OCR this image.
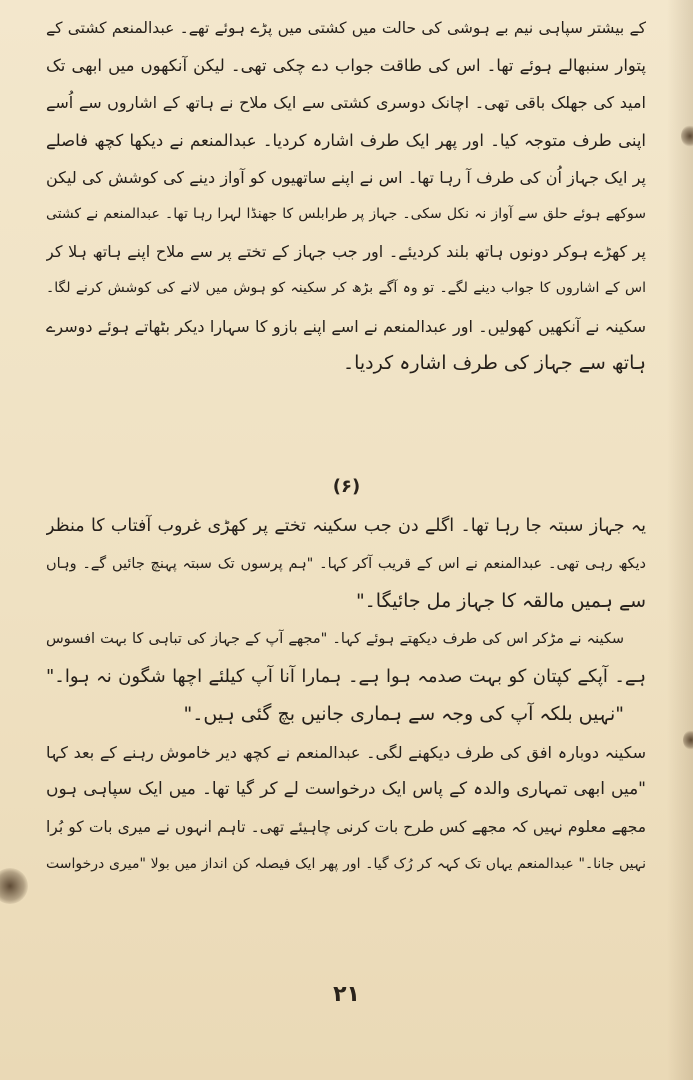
کے بیشتر سپاہی نیم بے ہوشی کی حالت میں کشتی میں پڑے ہوئے تھے۔ عبدالمنعم کشتی کے
پتوار سنبھالے ہوئے تھا۔ اس کی طاقت جواب دے چکی تھی۔ لیکن آنکھوں میں ابھی تک
امید کی جھلک باقی تھی۔ اچانک دوسری کشتی سے ایک ملاح نے ہاتھ کے اشاروں سے اُسے
اپنی طرف متوجہ کیا۔ اور پھر ایک طرف اشارہ کردیا۔ عبدالمنعم نے دیکھا کچھ فاصلے
پر ایک جہاز اُن کی طرف آ رہا تھا۔ اس نے اپنے ساتھیوں کو آواز دینے کی کوشش کی لیکن
سوکھے ہوئے حلق سے آواز نہ نکل سکی۔ جہاز پر طرابلس کا جھنڈا لہرا رہا تھا۔ عبدالمنعم نے کشتی
پر کھڑے ہوکر دونوں ہاتھ بلند کردیئے۔ اور جب جہاز کے تختے پر سے ملاح اپنے ہاتھ ہلا کر
اس کے اشاروں کا جواب دینے لگے۔ تو وہ آگے بڑھ کر سکینہ کو ہوش میں لانے کی کوشش کرنے لگا۔
سکینہ نے آنکھیں کھولیں۔ اور عبدالمنعم نے اسے اپنے بازو کا سہارا دیکر بٹھاتے ہوئے دوسرے
ہاتھ سے جہاز کی طرف اشارہ کردیا۔
(۶)
یہ جہاز سبتہ جا رہا تھا۔ اگلے دن جب سکینہ تختے پر کھڑی غروب آفتاب کا منظر
دیکھ رہی تھی۔ عبدالمنعم نے اس کے قریب آکر کہا۔ "ہم پرسوں تک سبتہ پہنچ جائیں گے۔ وہاں
سے ہمیں مالقہ کا جہاز مل جائیگا۔"
سکینہ نے مڑکر اس کی طرف دیکھتے ہوئے کہا۔ "مجھے آپ کے جہاز کی تباہی کا بہت افسوس
ہے۔ آپکے کپتان کو بہت صدمہ ہوا ہے۔ ہمارا آنا آپ کیلئے اچھا شگون نہ ہوا۔"
"نہیں بلکہ آپ کی وجہ سے ہماری جانیں بچ گئی ہیں۔"
سکینہ دوبارہ افق کی طرف دیکھنے لگی۔ عبدالمنعم نے کچھ دیر خاموش رہنے کے بعد کہا
"میں ابھی تمہاری والدہ کے پاس ایک درخواست لے کر گیا تھا۔ میں ایک سپاہی ہوں
مجھے معلوم نہیں کہ مجھے کس طرح بات کرنی چاہیئے تھی۔ تاہم انہوں نے میری بات کو بُرا
نہیں جانا۔" عبدالمنعم یہاں تک کہہ کر رُک گیا۔ اور پھر ایک فیصلہ کن انداز میں بولا "میری درخواست
۲۱
